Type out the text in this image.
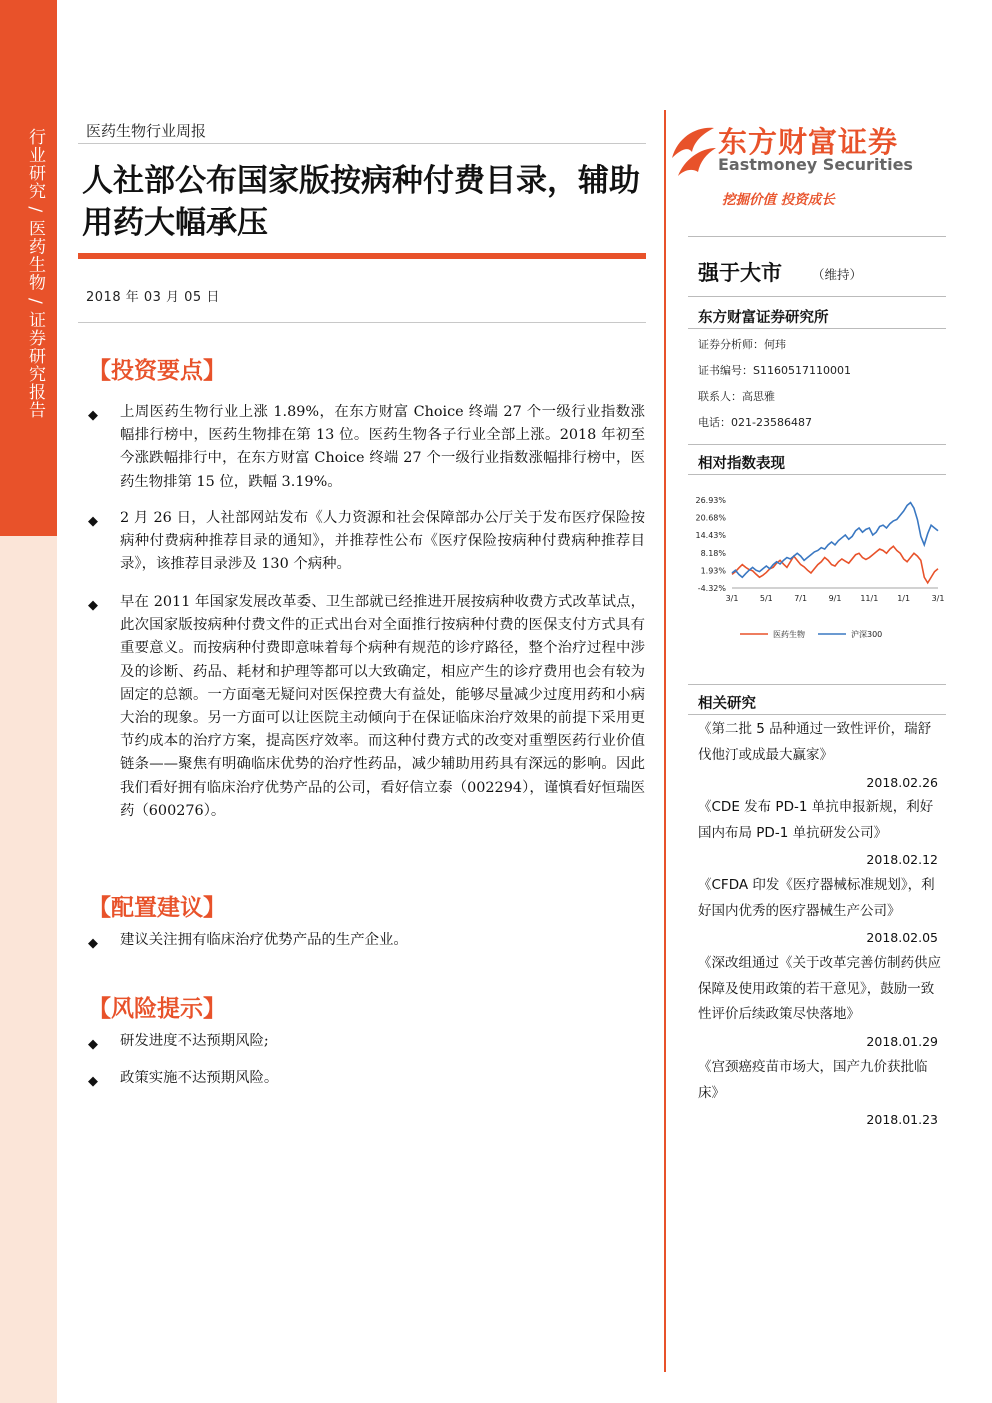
行业研究 / 医药生物 / 证券研究报告	医药生物行业周报
人社部公布国家版按病种付费目录，辅助用药大幅承压
2018 年 03 月 05 日
【投资要点】
◆ 上周医药生物行业上涨 1.89%，在东方财富 Choice 终端 27 个一级行业指数涨幅排行榜中，医药生物排在第 13 位。医药生物各子行业全部上涨。2018 年初至今涨跌幅排行中，在东方财富 Choice 终端 27 个一级行业指数涨幅排行榜中，医药生物排第 15 位，跌幅 3.19%。
◆ 2 月 26 日，人社部网站发布《人力资源和社会保障部办公厅关于发布医疗保险按病种付费病种推荐目录的通知》，并推荐性公布《医疗保险按病种付费病种推荐目录》，该推荐目录涉及 130 个病种。
◆ 早在 2011 年国家发展改革委、卫生部就已经推进开展按病种收费方式改革试点，此次国家版按病种付费文件的正式出台对全面推行按病种付费的医保支付方式具有重要意义。而按病种付费即意味着每个病种有规范的诊疗路径，整个治疗过程中涉及的诊断、药品、耗材和护理等都可以大致确定，相应产生的诊疗费用也会有较为固定的总额。一方面毫无疑问对医保控费大有益处，能够尽量减少过度用药和小病大治的现象。另一方面可以让医院主动倾向于在保证临床治疗效果的前提下采用更节约成本的治疗方案，提高医疗效率。而这种付费方式的改变对重塑医药行业价值链条——聚焦有明确临床优势的治疗性药品，减少辅助用药具有深远的影响。因此我们看好拥有临床治疗优势产品的公司，看好信立泰（002294），谨慎看好恒瑞医药（600276）。
【配置建议】
◆ 建议关注拥有临床治疗优势产品的生产企业。
【风险提示】
◆ 研发进度不达预期风险;
◆ 政策实施不达预期风险。
东方财富证券
Eastmoney Securities
挖掘价值 投资成长
强于大市 （维持）
东方财富证券研究所
证券分析师：何玮
证书编号：S1160517110001
联系人：高思雅
电话：021-23586487
相对指数表现
26.93%
20.68%
14.43%
8.18%
1.93%
-4.32%
3/1	5/1	7/1	9/1 11/1 1/1	3/1
医药生物	沪深300
相关研究
《第二批 5 品种通过一致性评价，瑞舒伐他汀或成最大赢家》
2018.02.26
《CDE 发布 PD-1 单抗申报新规，利好国内布局 PD-1 单抗研发公司》
2018.02.12
《CFDA 印发《医疗器械标准规划》，利好国内优秀的医疗器械生产公司》
2018.02.05
《深改组通过《关于改革完善仿制药供应保障及使用政策的若干意见》，鼓励一致性评价后续政策尽快落地》
2018.01.29
《宫颈癌疫苗市场大，国产九价获批临床》
2018.01.23
